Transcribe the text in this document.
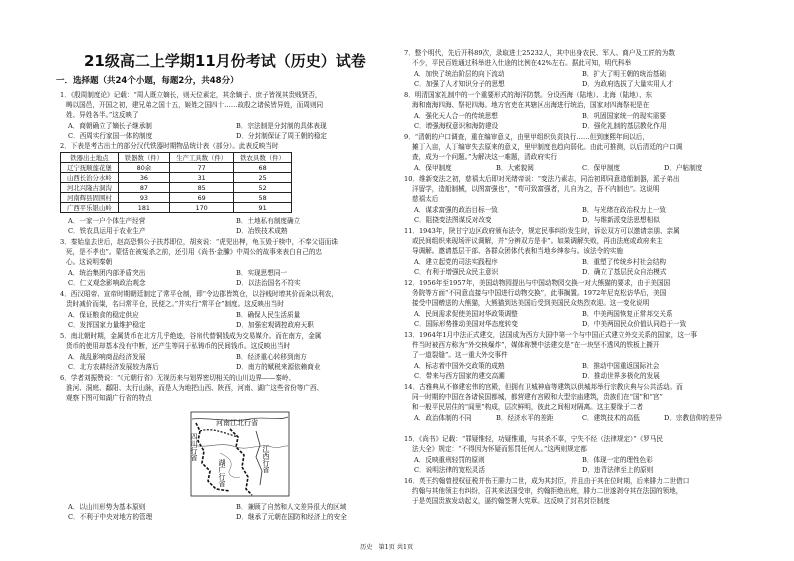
21级高二上学期11月份考试（历史）试卷
一．选择题（共24个小题，每题2分，共48分）
1．《殷周制度论》记载：“周人既立嫡长，则天位素定，其余嫡子、庶子皆视其贵贱贤否，
畴以国邑，开国之初，建兄弟之国十五，姬姓之国四十……故殷之诸侯皆异姓，而周则同
姓、异姓各半。”这反映了
A．商朝确立了嫡长子继承制	B．宗法制是分封制的具体表现
C．西周实行家国一体的制度	D．分封制保证了周王朝的稳定
2．下表是考古出土的部分汉代铁器时期物品统计表（部分）。此表反映当时
铁器出土地点	铁器数（件）	生产工具数（件）	铁农具数（件）
辽宁抚顺莲花堡	80余	77	68
山西长治分水岭	36	31	25
河北兴隆古洞沟	87	85	52
河南辉县固围村	93	69	58
广西平乐银山岭	181	170	91
A．一家一户个体生产经营	B．土地私有制度确立
C．铁农具运用于农业生产	D．冶铁技术成熟
3．秦始皇去世后，赵高恐惧公子扶苏即位，胡亥说：“虎兕出柙，龟玉毁于椟中，不奉父诏而诛
死，是不孝也”。蒙恬在被冤杀之前，还引用《尚书·金縢》中周公的故事来表白自己的忠
心。这说明秦朝
A．统治集团内部矛盾突出	B．实现思想同一
C．仁义观念影响政治观念	D．以法治国名不符实
4．西汉昭帝、宣帝时期朝廷制定了常平仓制，即“令边郡皆筑仓，以谷贱时增其价而籴以利农，
贵时减价而粜，名曰常平仓，民便之。”并实行“常平仓”制度。这反映出当时
A．保证粮食的稳定供应	B．确保人民生活质量
C．发挥国家力量维护稳定	D．加强宏观调控政府天职
5．南北朝时期，金属货币在北方几乎绝迹，谷帛代替铜钱成为交易媒介。而在南方，金属
货币的使用却基本没有中断，还产生等同于私铸币的民间钱币。这反映出当时
A．战乱影响商品经济发展	B．经济重心转移到南方
C．北方农耕经济发展较为落后	D．南方的赋税来源依赖商业
6．学者刘振赞说：“《元朝行省》无视历来与划界密切相关的山川边界——秦岭、
淮河、洞庭、鄱阳、太行山脉，而是人为地把山西、陕西，河南、湖广这些省份等广西、
观察下图可知湖广行省的特点
河南江北行省
四川行省
湖广行省	江西行省
A．以山川形势为基本原则	B．兼顾了自然和人文差异很大的区域
C．不利于中央对地方的管理	D．继承了元朝在国防和经济上的安全
7．整个明代，先后开科89次，录取进士25232人，其中出身农民、军人、商户及工匠的为数
不少，平民百姓通过科举进入仕途的比例在42%左右。据此可知，明代科举
A．加快了统治阶层的向下流动	B．扩大了明王朝的统治基础
C．加强了人才知识分子的思想	D．为政府选拔了大量实用人才
8．明清国家礼制中的一个重要形式的海洋防禁。分设西海（陆地）、北海（陆地）、东
海和南海四海、祭祀四海。地方官吏在其辖区出海进行统治，国家对四海祭祀是在
A．强化天人合一的传统思想	B．巩固国家统一的现实需要
C．增强海权意识和海防建设	D．强化礼制的基层教化作用
9．“清朝的户口调查，重在编审意义，由里甲组织负责执行……但到康熙年间以后，
摊丁入亩，人丁编审失去原来的意义，里甲制度也趋向弱化。由此可推测，以后清廷的户口调
查，成为一个问题。”为解决这一难题，清政府实行
A．保甲制度	B．大索貌阅	C．保甲制度	D．户帖制度
10．维新变法之初，慈禧太后即对光绪帝说：“变法乃素志，同治初即同意造船制器，派子弟出
洋留学，造船制械，以图富强也”，“苟可致富强者，儿自为之，吾不内制也”。这说明
慈禧太后
A．谋求富强的政治目标一致	B．与光绪在政治权力上一致
C．阻挠变法图谋反对改变	D．与维新派变法思想相似
11．1943年，陕甘宁边区政府颁布法令，规定民事纠纷发生时，诉讼双方可以邀请亲朋、亲属
或民间组织来现场评议调解，并“分辨双方是非”。如果调解失败，再由法庭或政府来主
导调解。邀请基层干部、各群众团体代表和当地乡绅参与。该法令的实施
A．建立起党的司法实践程序	B．重塑了传统乡村社会结构
C．有利于增强民众民主意识	D．确立了基层民众自治模式
12．1956年至1957年，美国动物园提出与中国动物园交换一对大熊猫的要求，由于美国国
务院等方面“不同意直接与中国进行动物交换”，此事搁置。1972年尼克松访华后，美国
接受中国赠送的大熊猫，大熊猫到达美国后受到美国民众热烈欢迎。这一变化说明
A．民间需求促使美国对华政策调整	B．中美两国恢复正常邦交关系
C．国际形势推动美国对华态度转变	D．中美两国民众价值认同趋于一致
13．1964年1月中法正式建交，法国成为西方大国中第一个与中国正式建立外交关系的国家，这一事
件当时被西方称为“外交核爆炸”，媒体称赞中法建交是“在一块坚不透风的铁板上撕开
了一道裂缝”。这一重大外交事件
A．标志着中国外交政策的成熟	B．推动中国重返国际社会
C．带来与西方国家的建交高潮	D．推动世界多极化的发展
14．古雅典从不修建宏伟的宫殿，但拥有卫城神庙等建筑以供城邦举行宗教庆典与公共活动。而
同一时期的中国在各诸侯国都城，都营建有宫殿和大型宗庙建筑，贵族们在“国”和“宫”
和一般平民居住的“闾里”构成，层次鲜明，彼此之间相对隔离。这主要缘于二者
A．政治体制的不同	B．经济水平的差距	C．建筑技术的高低	D．宗教信仰的差异
15．《尚书》记载：“罪疑惟轻，功疑惟重，与其杀不辜，宁失不经（法律规定）”《罗马民
法大全》规定：“不得因为怀疑而惩罚任何人。”这两则规定都
A．反映重刑轻罚的原则	B．体现一定的理性色彩
C．说明法律的宽松灵活	D．违背法律至上的原则
16．英王约翰曾授权征税并伤王腓力二世，成为其封臣，并且由于其在位时期，后来腓力二世借口
约翰与其他领主有纠纷，召其来法国受审，约翰拒绝出庭，腓力二世遂剥夺其在法国的领地，
于是英国贵族发动起义，逼约翰签署大宪章。这反映了封君封臣制度
历史　第1页 共1页
